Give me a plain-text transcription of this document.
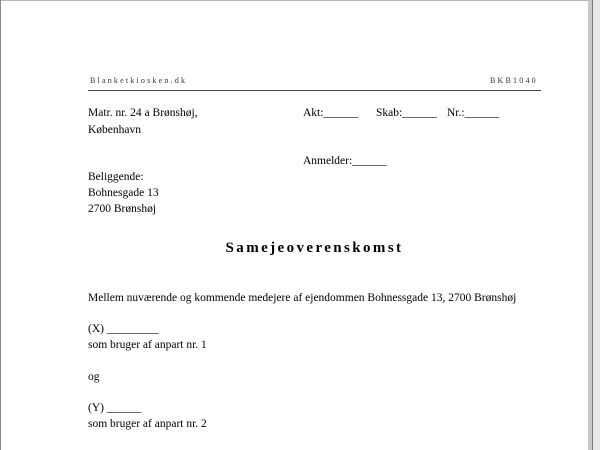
Blanketkiosken.dk	BKB1040
Matr. nr. 24 a Brønshøj,
København
Akt:______ Skab:______ Nr.:______
Anmelder:______
Beliggende:
Bohnesgade 13
2700 Brønshøj
Samejeoverenskomst
Mellem nuværende og kommende medejere af ejendommen Bohnessgade 13, 2700 Brønshøj
(X) _________
som bruger af anpart nr. 1
og
(Y) ______
som bruger af anpart nr. 2
